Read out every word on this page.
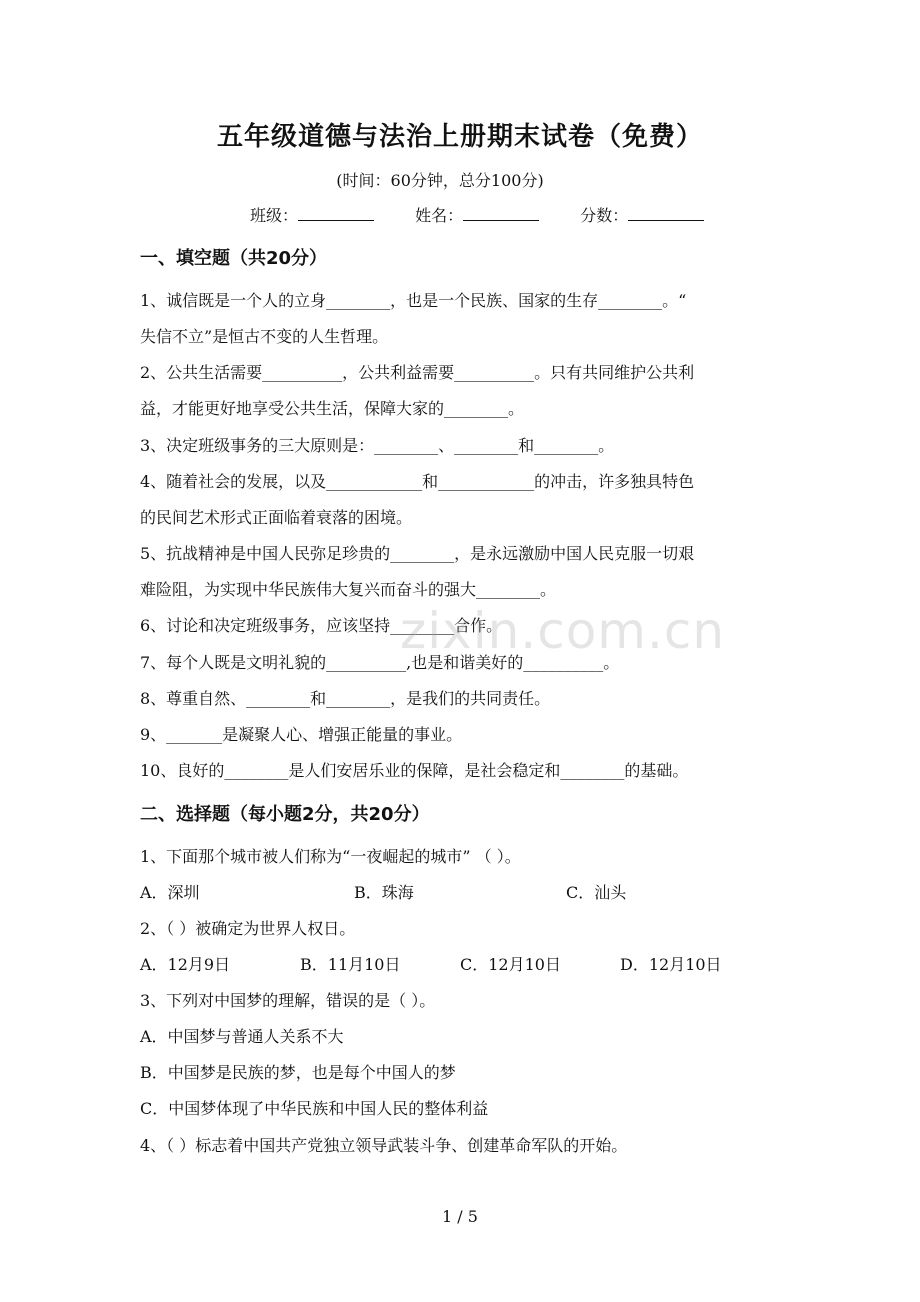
五年级道德与法治上册期末试卷（免费）
(时间：60分钟，总分100分)
班级：	姓名：	分数：
一、填空题（共20分）
1、诚信既是一个人的立身________，也是一个民族、国家的生存________。“
失信不立”是恒古不变的人生哲理。
2、公共生活需要__________，公共利益需要__________。只有共同维护公共利
益，才能更好地享受公共生活，保障大家的________。
3、决定班级事务的三大原则是：________、________和________。
4、随着社会的发展，以及____________和____________的冲击，许多独具特色
的民间艺术形式正面临着衰落的困境。
5、抗战精神是中国人民弥足珍贵的________，是永远激励中国人民克服一切艰
难险阻，为实现中华民族伟大复兴而奋斗的强大________。
6、讨论和决定班级事务，应该坚持________合作。
7、每个人既是文明礼貌的__________,也是和谐美好的__________。
8、尊重自然、________和________，是我们的共同责任。
9、_______是凝聚人心、增强正能量的事业。
10、良好的________是人们安居乐业的保障，是社会稳定和________的基础。
二、选择题（每小题2分，共20分）
1、下面那个城市被人们称为“一夜崛起的城市” （ ）。
A．深圳	B．珠海	C．汕头
2、（ ）被确定为世界人权日。
A．12月9日	B．11月10日	C．12月10日	D．12月10日
3、下列对中国梦的理解，错误的是（ ）。
A．中国梦与普通人关系不大
B．中国梦是民族的梦，也是每个中国人的梦
C．中国梦体现了中华民族和中国人民的整体利益
4、（ ）标志着中国共产党独立领导武装斗争、创建革命军队的开始。
zixin.com.cn
1 / 5
